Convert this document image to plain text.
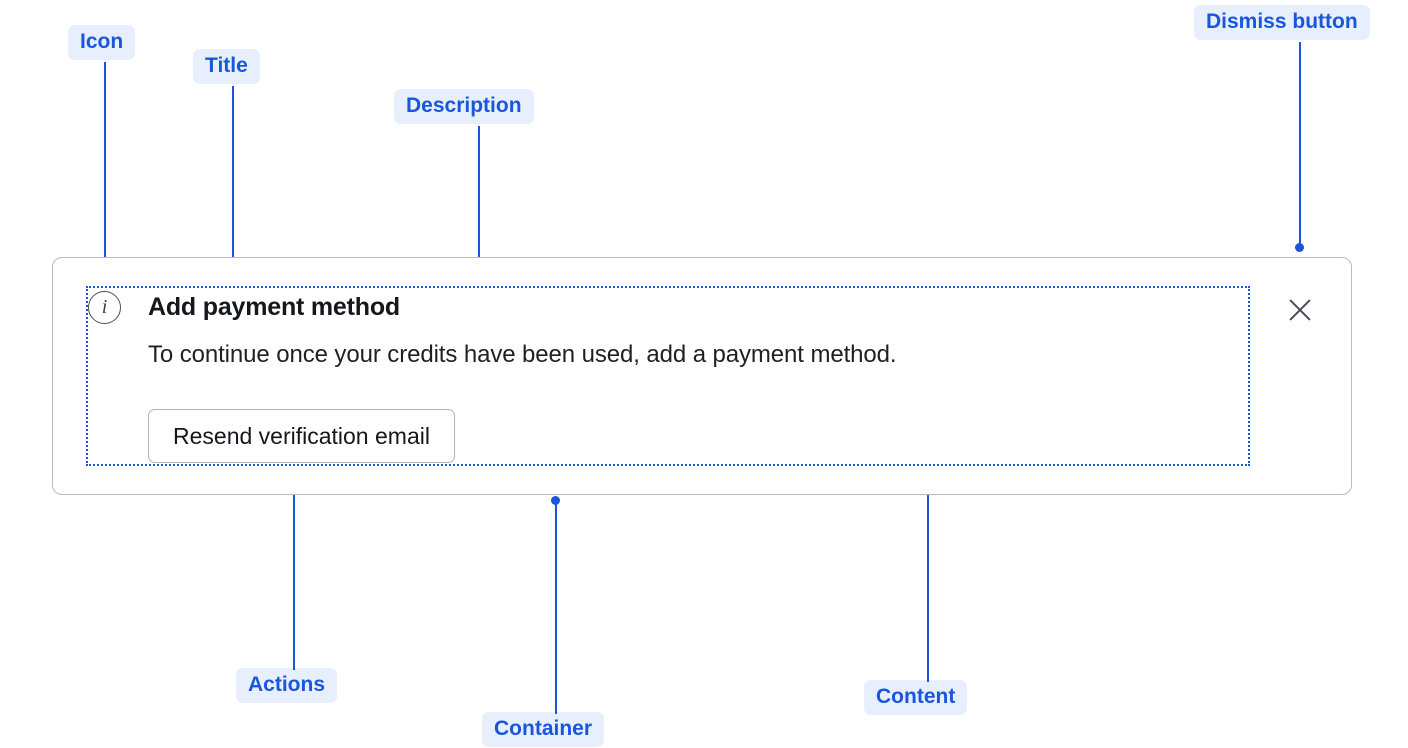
Icon
Title
Description
Dismiss button
Actions
Container
Content
i Add payment method
To continue once your credits have been used, add a payment method.
Resend verification email
